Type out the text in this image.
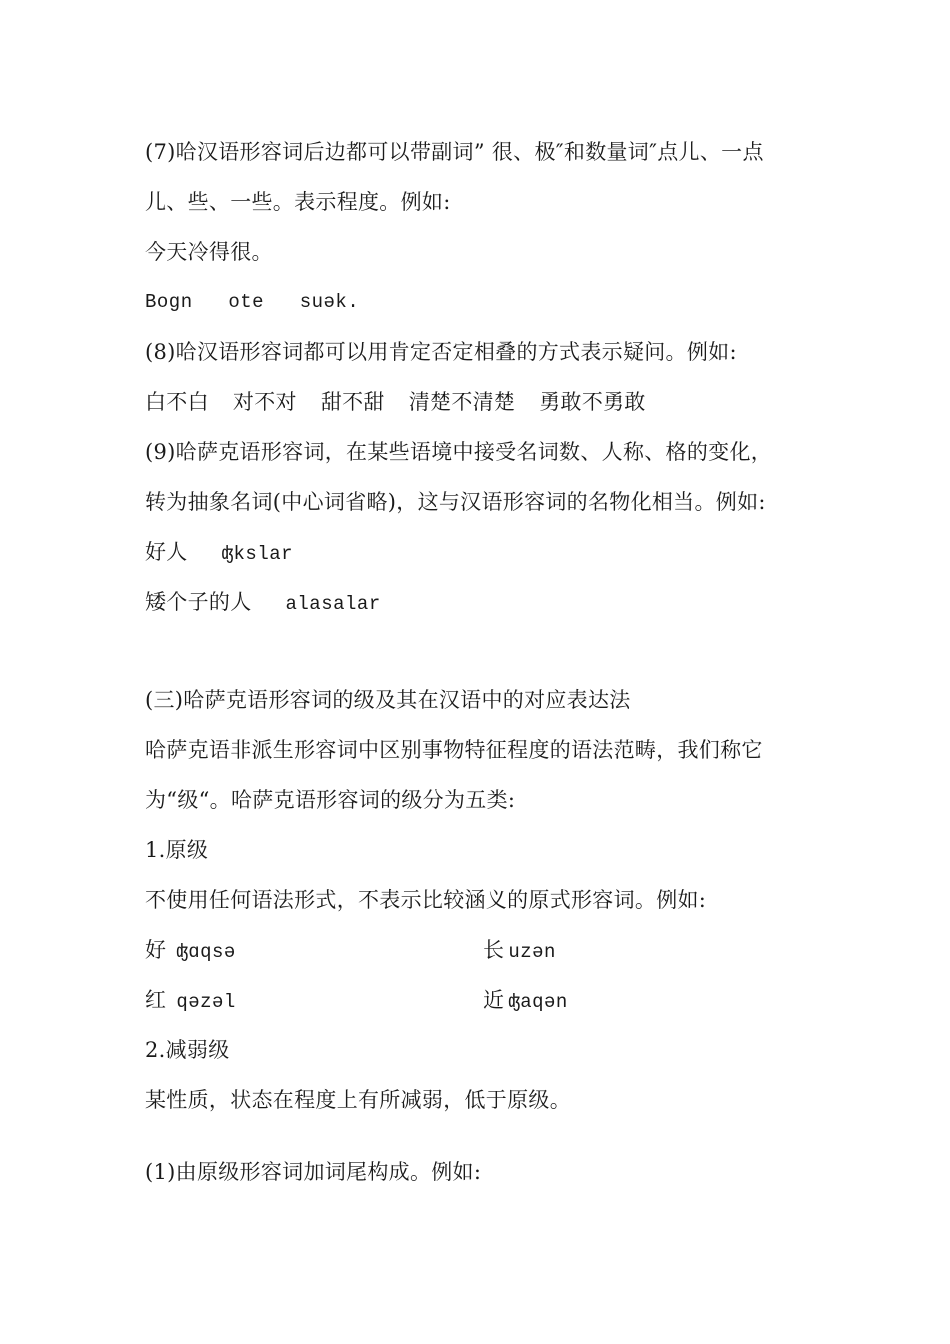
(7)哈汉语形容词后边都可以带副词” 很、极″和数量词″点儿、一点
儿、些、一些。表示程度。例如:
今天冷得很。
Bogn   ote   suək.
(8)哈汉语形容词都可以用肯定否定相叠的方式表示疑问。例如:
白不白 对不对 甜不甜 清楚不清楚 勇敢不勇敢
(9)哈萨克语形容词，在某些语境中接受名词数、人称、格的变化，
转为抽象名词(中心词省略)，这与汉语形容词的名物化相当。例如:
好人 ʤkslar
矮个子的人 alasalar
(三)哈萨克语形容词的级及其在汉语中的对应表达法
哈萨克语非派生形容词中区别事物特征程度的语法范畴，我们称它
为“级“。哈萨克语形容词的级分为五类:
1.原级
不使用任何语法形式，不表示比较涵义的原式形容词。例如:
好 ʤɑqsə	长 uzən
红 qəzəl	近 ʤaqən
2.减弱级
某性质，状态在程度上有所减弱，低于原级。
(1)由原级形容词加词尾构成。例如:
